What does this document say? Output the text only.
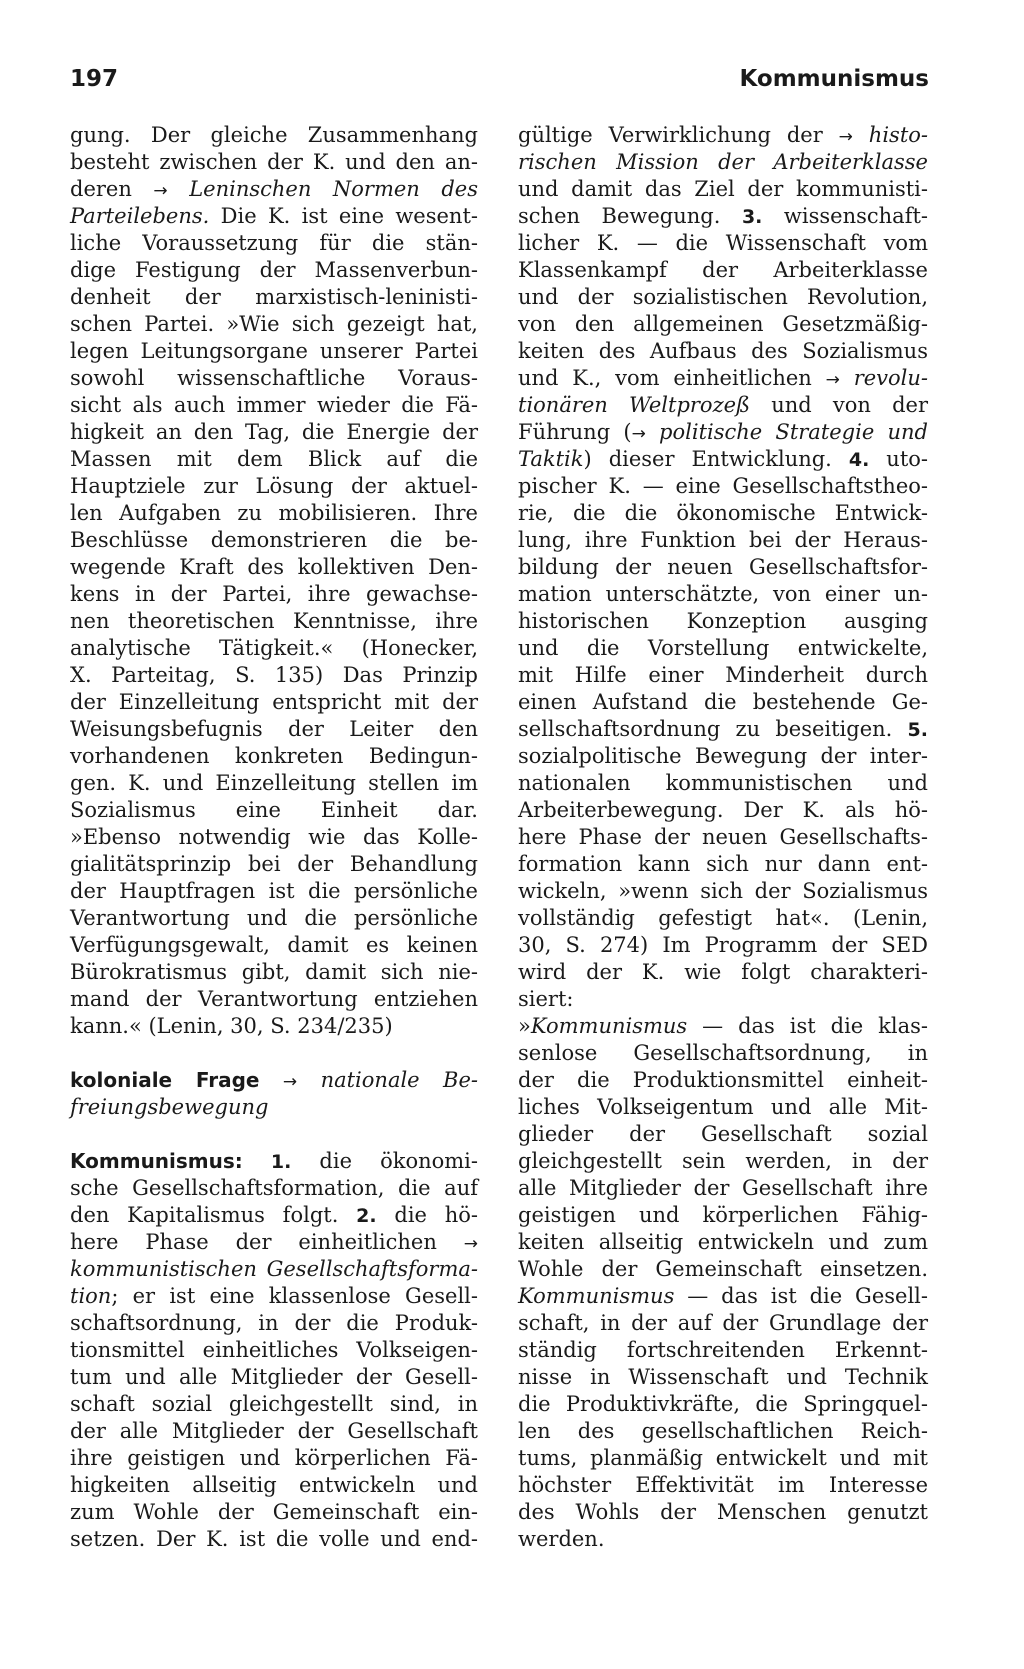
197	Kommunismus
gung. Der gleiche Zusammenhang
besteht zwischen der K. und den an-
deren → Leninschen Normen des
Parteilebens. Die K. ist eine wesent-
liche Voraussetzung für die stän-
dige Festigung der Massenverbun-
denheit der marxistisch-leninisti-
schen Partei. »Wie sich gezeigt hat,
legen Leitungsorgane unserer Partei
sowohl wissenschaftliche Voraus-
sicht als auch immer wieder die Fä-
higkeit an den Tag, die Energie der
Massen mit dem Blick auf die
Hauptziele zur Lösung der aktuel-
len Aufgaben zu mobilisieren. Ihre
Beschlüsse demonstrieren die be-
wegende Kraft des kollektiven Den-
kens in der Partei, ihre gewachse-
nen theoretischen Kenntnisse, ihre
analytische Tätigkeit.« (Honecker,
X. Parteitag, S. 135) Das Prinzip
der Einzelleitung entspricht mit der
Weisungsbefugnis der Leiter den
vorhandenen konkreten Bedingun-
gen. K. und Einzelleitung stellen im
Sozialismus eine Einheit dar.
»Ebenso notwendig wie das Kolle-
gialitätsprinzip bei der Behandlung
der Hauptfragen ist die persönliche
Verantwortung und die persönliche
Verfügungsgewalt, damit es keinen
Bürokratismus gibt, damit sich nie-
mand der Verantwortung entziehen
kann.« (Lenin, 30, S. 234/235)
koloniale Frage → nationale Be-
freiungsbewegung
Kommunismus: 1. die ökonomi-
sche Gesellschaftsformation, die auf
den Kapitalismus folgt. 2. die hö-
here Phase der einheitlichen →
kommunistischen Gesellschaftsforma-
tion; er ist eine klassenlose Gesell-
schaftsordnung, in der die Produk-
tionsmittel einheitliches Volkseigen-
tum und alle Mitglieder der Gesell-
schaft sozial gleichgestellt sind, in
der alle Mitglieder der Gesellschaft
ihre geistigen und körperlichen Fä-
higkeiten allseitig entwickeln und
zum Wohle der Gemeinschaft ein-
setzen. Der K. ist die volle und end-
gültige Verwirklichung der → histo-
rischen Mission der Arbeiterklasse
und damit das Ziel der kommunisti-
schen Bewegung. 3. wissenschaft-
licher K. — die Wissenschaft vom
Klassenkampf der Arbeiterklasse
und der sozialistischen Revolution,
von den allgemeinen Gesetzmäßig-
keiten des Aufbaus des Sozialismus
und K., vom einheitlichen → revolu-
tionären Weltprozeß und von der
Führung (→ politische Strategie und
Taktik) dieser Entwicklung. 4. uto-
pischer K. — eine Gesellschaftstheo-
rie, die die ökonomische Entwick-
lung, ihre Funktion bei der Heraus-
bildung der neuen Gesellschaftsfor-
mation unterschätzte, von einer un-
historischen Konzeption ausging
und die Vorstellung entwickelte,
mit Hilfe einer Minderheit durch
einen Aufstand die bestehende Ge-
sellschaftsordnung zu beseitigen. 5.
sozialpolitische Bewegung der inter-
nationalen kommunistischen und
Arbeiterbewegung. Der K. als hö-
here Phase der neuen Gesellschafts-
formation kann sich nur dann ent-
wickeln, »wenn sich der Sozialismus
vollständig gefestigt hat«. (Lenin,
30, S. 274) Im Programm der SED
wird der K. wie folgt charakteri-
siert:
»Kommunismus — das ist die klas-
senlose Gesellschaftsordnung, in
der die Produktionsmittel einheit-
liches Volkseigentum und alle Mit-
glieder der Gesellschaft sozial
gleichgestellt sein werden, in der
alle Mitglieder der Gesellschaft ihre
geistigen und körperlichen Fähig-
keiten allseitig entwickeln und zum
Wohle der Gemeinschaft einsetzen.
Kommunismus — das ist die Gesell-
schaft, in der auf der Grundlage der
ständig fortschreitenden Erkennt-
nisse in Wissenschaft und Technik
die Produktivkräfte, die Springquel-
len des gesellschaftlichen Reich-
tums, planmäßig entwickelt und mit
höchster Effektivität im Interesse
des Wohls der Menschen genutzt
werden.
